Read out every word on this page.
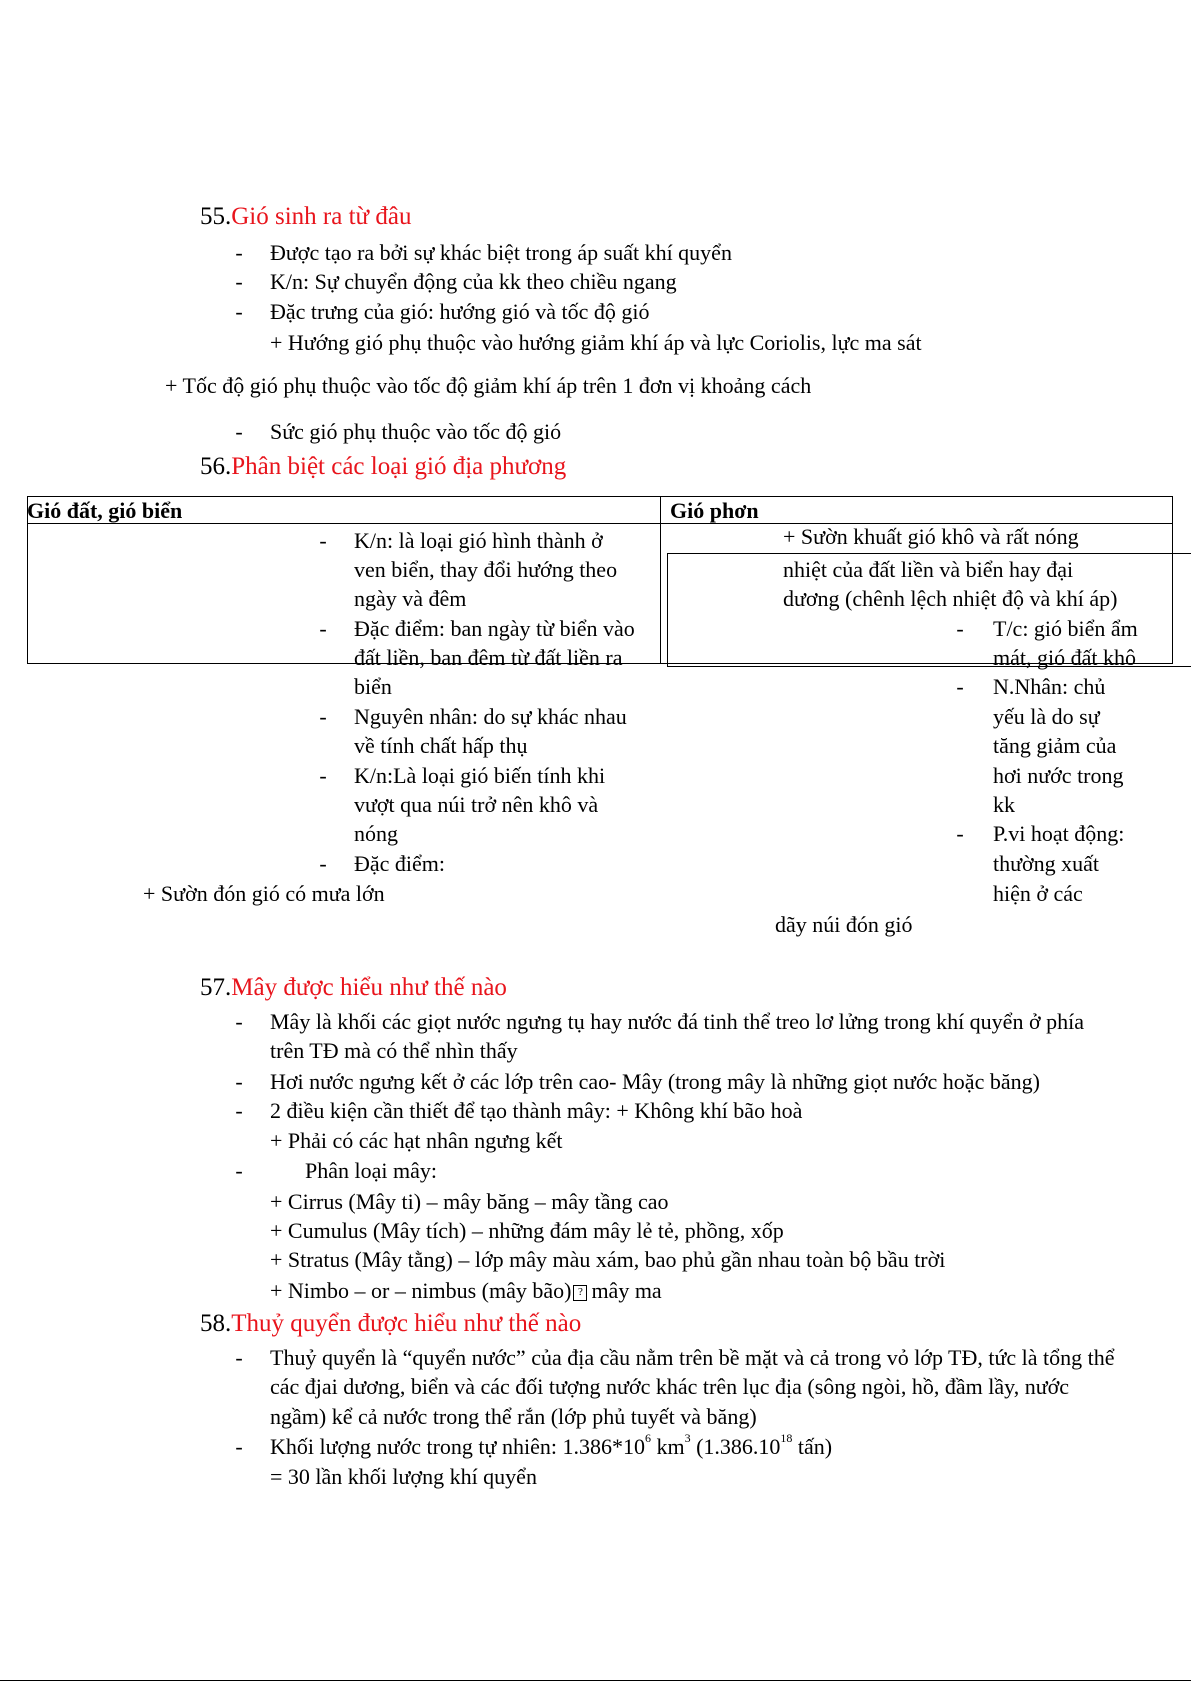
55.Gió sinh ra từ đâu
- Được tạo ra bởi sự khác biệt trong áp suất khí quyển
- K/n: Sự chuyển động của kk theo chiều ngang
- Đặc trưng của gió: hướng gió và tốc độ gió
+ Hướng gió phụ thuộc vào hướng giảm khí áp và lực Coriolis, lực ma sát
+ Tốc độ gió phụ thuộc vào tốc độ giảm khí áp trên 1 đơn vị khoảng cách
- Sức gió phụ thuộc vào tốc độ gió
56.Phân biệt các loại gió địa phương
Gió đất, gió biển	Gió phơn
- K/n: là loại gió hình thành ở
ven biển, thay đổi hướng theo
ngày và đêm
- Đặc điểm: ban ngày từ biển vào
đất liền, ban đêm từ đất liền ra
biển
- Nguyên nhân: do sự khác nhau
về tính chất hấp thụ
- K/n:Là loại gió biến tính khi
vượt qua núi trở nên khô và
nóng
- Đặc điểm:
+ Sườn đón gió có mưa lớn
+ Sườn khuất gió khô và rất nóng
nhiệt của đất liền và biển hay đại
dương (chênh lệch nhiệt độ và khí áp)
- T/c: gió biển ẩm
mát, gió đất khô
- N.Nhân: chủ
yếu là do sự
tăng giảm của
hơi nước trong
kk
- P.vi hoạt động:
thường xuất
hiện ở các
dãy núi đón gió
57.Mây được hiểu như thế nào
- Mây là khối các giọt nước ngưng tụ hay nước đá tinh thể treo lơ lửng trong khí quyển ở phía
trên TĐ mà có thể nhìn thấy
- Hơi nước ngưng kết ở các lớp trên cao- Mây (trong mây là những giọt nước hoặc băng)
- 2 điều kiện cần thiết để tạo thành mây: + Không khí bão hoà
+ Phải có các hạt nhân ngưng kết
-	Phân loại mây:
+ Cirrus (Mây ti) – mây băng – mây tầng cao
+ Cumulus (Mây tích) – những đám mây lẻ tẻ, phồng, xốp
+ Stratus (Mây tằng) – lớp mây màu xám, bao phủ gần nhau toàn bộ bầu trời
+ Nimbo – or – nimbus (mây bão) ? mây ma
58.Thuỷ quyển được hiểu như thế nào
- Thuỷ quyển là “quyển nước” của địa cầu nằm trên bề mặt và cả trong vỏ lớp TĐ, tức là tổng thể
các đjai dương, biển và các đối tượng nước khác trên lục địa (sông ngòi, hồ, đầm lầy, nước
ngầm) kể cả nước trong thể rắn (lớp phủ tuyết và băng)
- Khối lượng nước trong tự nhiên: $1.386*10^6$ $km^3$ (1.386.10$^{18}$ tấn)
= 30 lần khối lượng khí quyển
